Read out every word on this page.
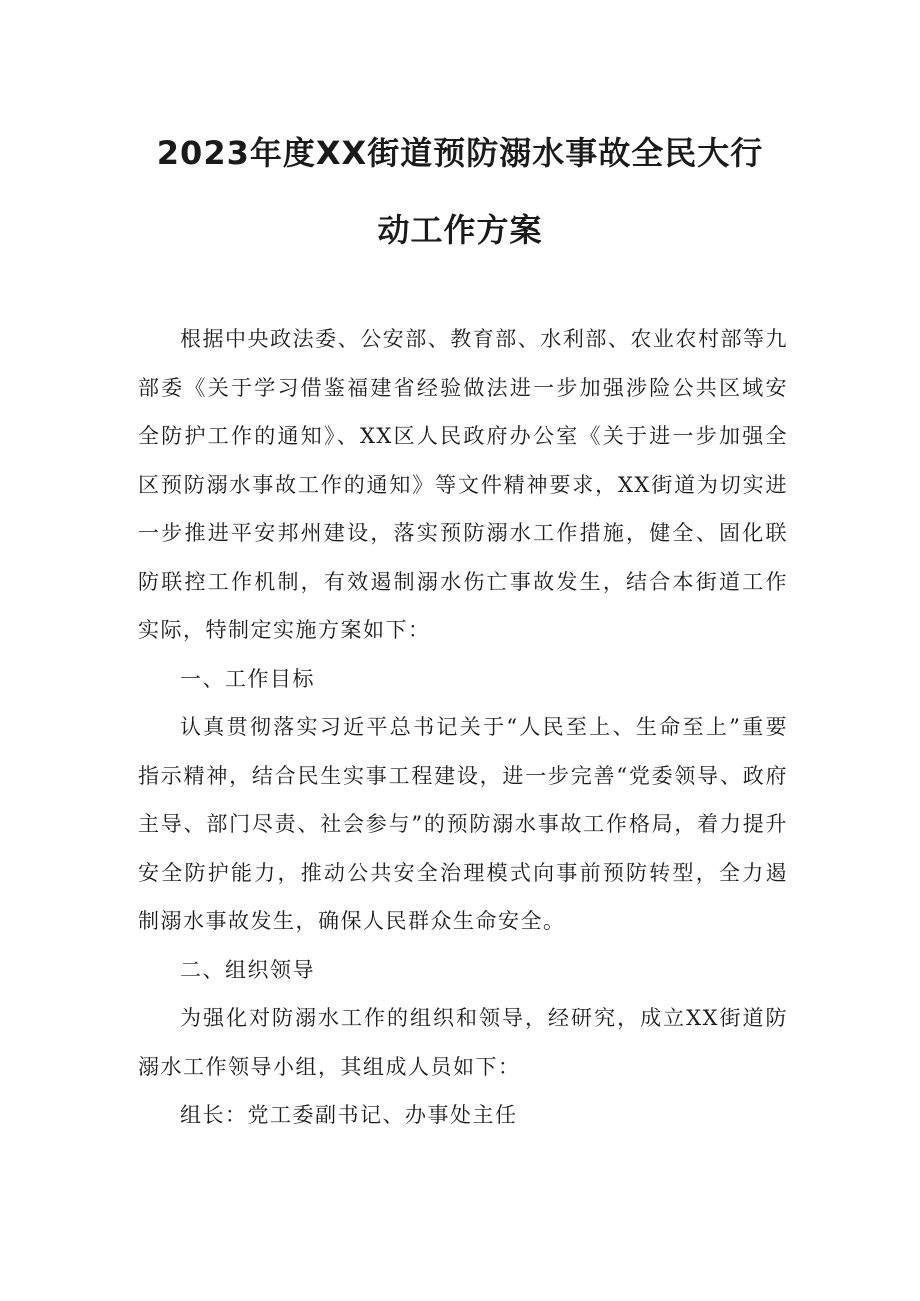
2023年度XX街道预防溺水事故全民大行
动工作方案

根据中央政法委、公安部、教育部、水利部、农业农村部等九部委《关于学习借鉴福建省经验做法进一步加强涉险公共区域安全防护工作的通知》、XX区人民政府办公室《关于进一步加强全区预防溺水事故工作的通知》等文件精神要求，XX街道为切实进一步推进平安邦州建设，落实预防溺水工作措施，健全、固化联防联控工作机制，有效遏制溺水伤亡事故发生，结合本街道工作实际，特制定实施方案如下：

一、工作目标

认真贯彻落实习近平总书记关于“人民至上、生命至上”重要指示精神，结合民生实事工程建设，进一步完善“党委领导、政府主导、部门尽责、社会参与”的预防溺水事故工作格局，着力提升安全防护能力，推动公共安全治理模式向事前预防转型，全力遏制溺水事故发生，确保人民群众生命安全。

二、组织领导

为强化对防溺水工作的组织和领导，经研究，成立XX街道防溺水工作领导小组，其组成人员如下：

组长：党工委副书记、办事处主任
